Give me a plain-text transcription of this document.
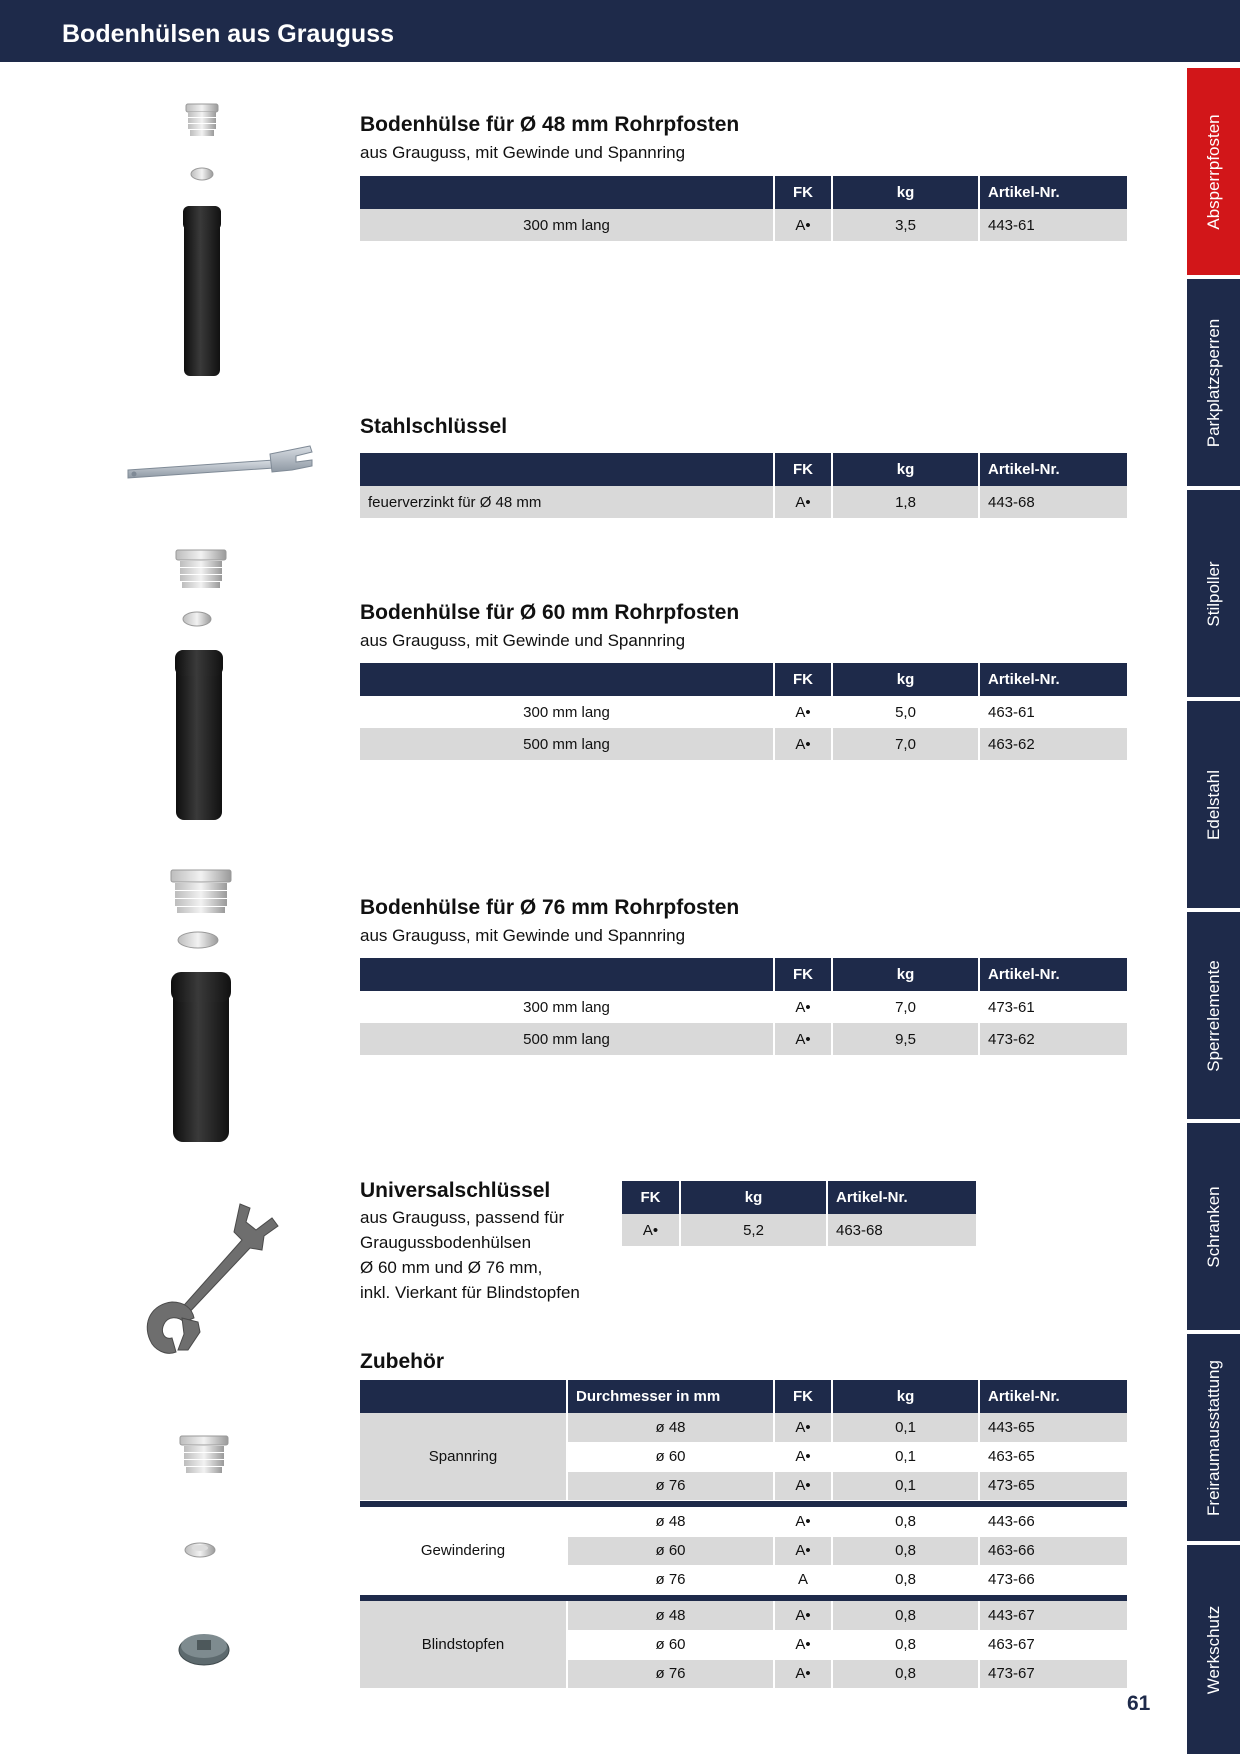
Bodenhülsen aus Grauguss
Absperrpfosten
Parkplatzsperren
Stilpoller
Edelstahl
Sperrelemente
Schranken
Freiraumausstattung
Werkschutz
Bodenhülse für Ø 48 mm Rohrpfosten
aus Grauguss, mit Gewinde und Spannring
	FK	kg	Artikel-Nr.
300 mm lang	A•	3,5	443-61
Stahlschlüssel
	FK	kg	Artikel-Nr.
feuerverzinkt für Ø 48 mm	A•	1,8	443-68
Bodenhülse für Ø 60 mm Rohrpfosten
aus Grauguss, mit Gewinde und Spannring
	FK	kg	Artikel-Nr.
300 mm lang	A•	5,0	463-61
500 mm lang	A•	7,0	463-62
Bodenhülse für Ø 76 mm Rohrpfosten
aus Grauguss, mit Gewinde und Spannring
	FK	kg	Artikel-Nr.
300 mm lang	A•	7,0	473-61
500 mm lang	A•	9,5	473-62
Universalschlüssel
aus Grauguss, passend für
Graugussbodenhülsen
Ø 60 mm und Ø 76 mm,
inkl. Vierkant für Blindstopfen
FK	kg	Artikel-Nr.
A•	5,2	463-68
Zubehör
	Durchmesser in mm	FK	kg	Artikel-Nr.
Spannring	ø 48	A•	0,1	443-65
	ø 60	A•	0,1	463-65
	ø 76	A•	0,1	473-65

Gewindering	ø 48	A•	0,8	443-66
	ø 60	A•	0,8	463-66
	ø 76	A	0,8	473-66

Blindstopfen	ø 48	A•	0,8	443-67
	ø 60	A•	0,8	463-67
	ø 76	A•	0,8	473-67
61
